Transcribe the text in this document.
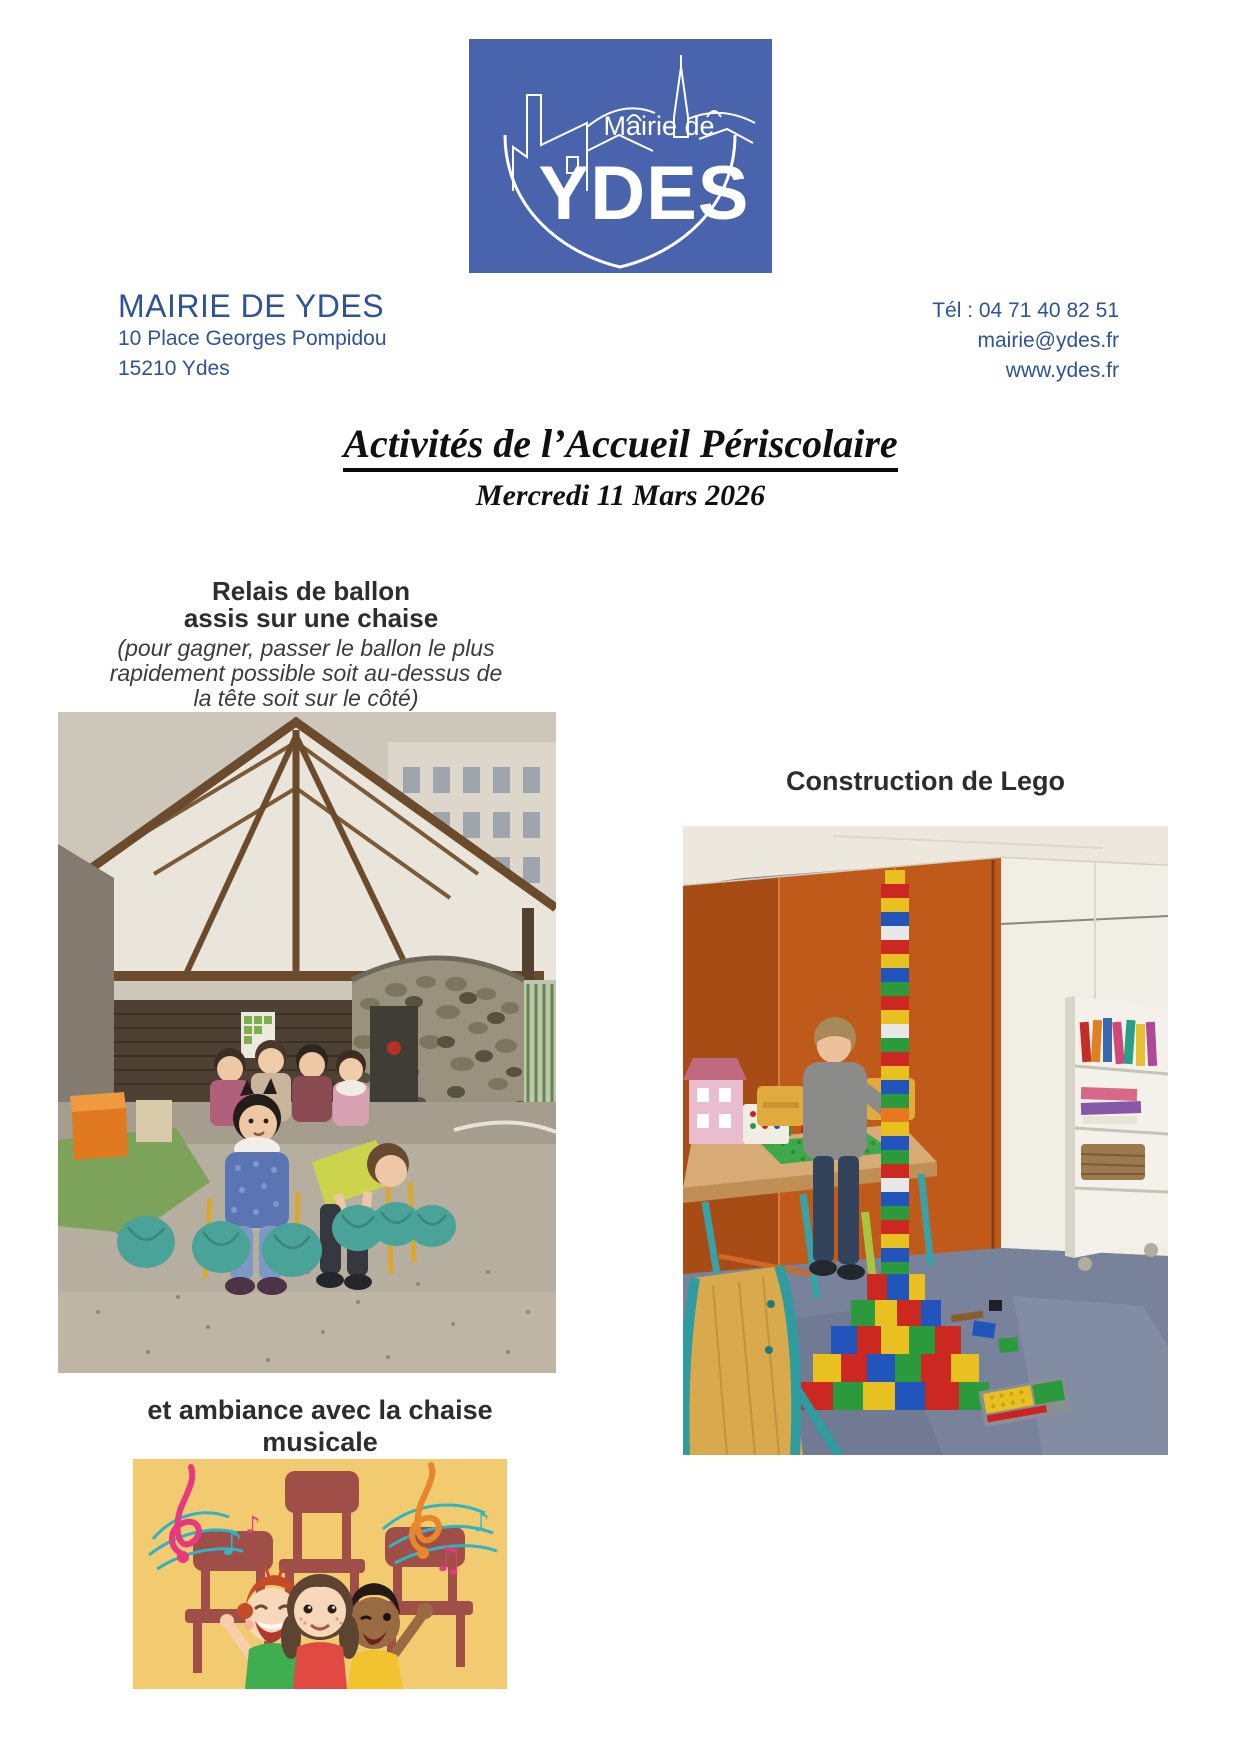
Mairie de
YDES
MAIRIE DE YDES
10 Place Georges Pompidou
15210 Ydes
Tél : 04 71 40 82 51
mairie@ydes.fr
www.ydes.fr
Activités de l’Accueil Périscolaire
Mercredi 11 Mars 2026
Relais de ballon
assis sur une chaise
(pour gagner, passer le ballon le plus
rapidement possible soit au-dessus de
la tête soit sur le côté)
Construction de Lego
et ambiance avec la chaise
musicale
♪ ♪
♫
♪
